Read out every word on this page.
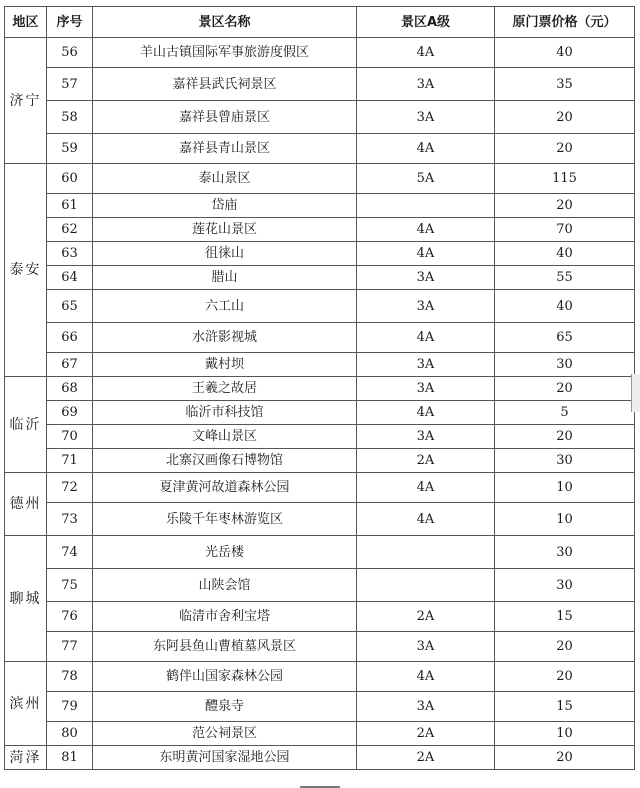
地区	序号	景区名称	景区A级	原门票价格（元）
济宁	56	羊山古镇国际军事旅游度假区	4A	40
	57	嘉祥县武氏祠景区	3A	35
	58	嘉祥县曾庙景区	3A	20
	59	嘉祥县青山景区	4A	20
泰安	60	泰山景区	5A	115
	61	岱庙		20
	62	莲花山景区	4A	70
	63	徂徕山	4A	40
	64	腊山	3A	55
	65	六工山	3A	40
	66	水浒影视城	4A	65
	67	戴村坝	3A	30
临沂	68	王羲之故居	3A	20
	69	临沂市科技馆	4A	5
	70	文峰山景区	3A	20
	71	北寨汉画像石博物馆	2A	30
德州	72	夏津黄河故道森林公园	4A	10
	73	乐陵千年枣林游览区	4A	10
聊城	74	光岳楼		30
	75	山陕会馆		30
	76	临清市舍利宝塔	2A	15
	77	东阿县鱼山曹植墓风景区	3A	20
滨州	78	鹤伴山国家森林公园	4A	20
	79	醴泉寺	3A	15
	80	范公祠景区	2A	10
菏泽	81	东明黄河国家湿地公园	2A	20
